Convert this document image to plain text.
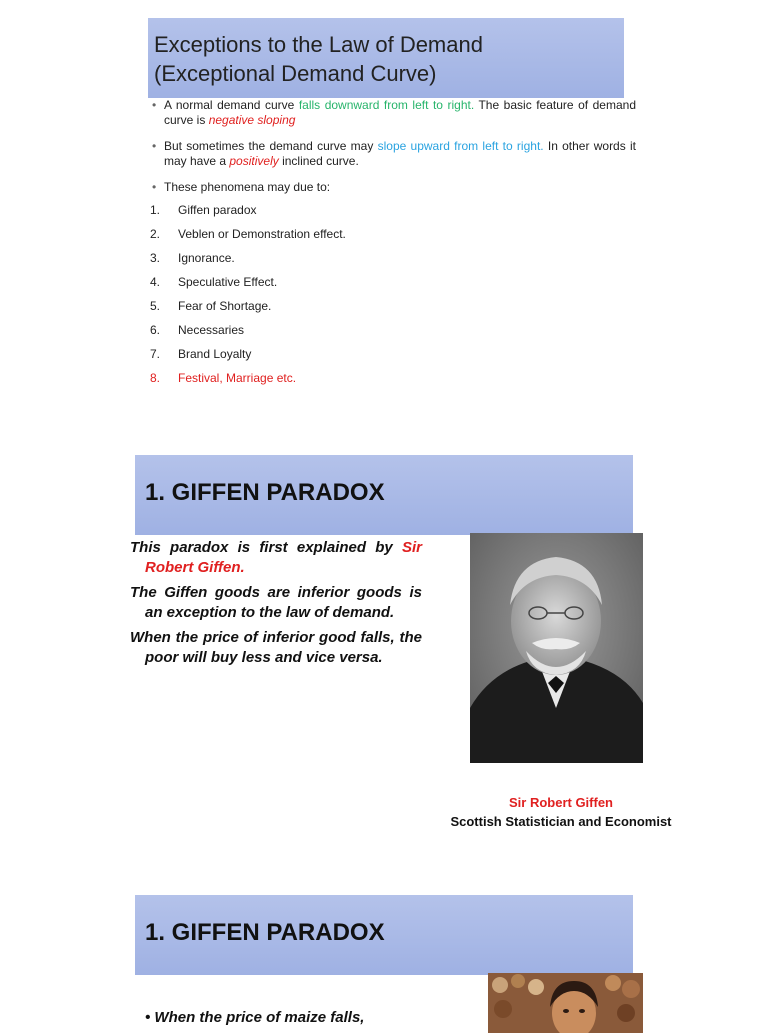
Exceptions to the Law of Demand
(Exceptional Demand Curve)
• A normal demand curve falls downward from left to right. The basic feature of demand curve is negative sloping
• But sometimes the demand curve may slope upward from left to right. In other words it may have a positively inclined curve.
• These phenomena may due to:
1. Giffen paradox
2. Veblen or Demonstration effect.
3. Ignorance.
4. Speculative Effect.
5. Fear of Shortage.
6. Necessaries
7. Brand Loyalty
8. Festival, Marriage etc.
1. GIFFEN PARADOX

This paradox is first explained by Sir Robert Giffen.

The Giffen goods are inferior goods is an exception to the law of demand.

When the price of inferior good falls, the poor will buy less and vice versa.

Sir Robert Giffen
Scottish Statistician and Economist
1. GIFFEN PARADOX
• When the price of maize falls,
